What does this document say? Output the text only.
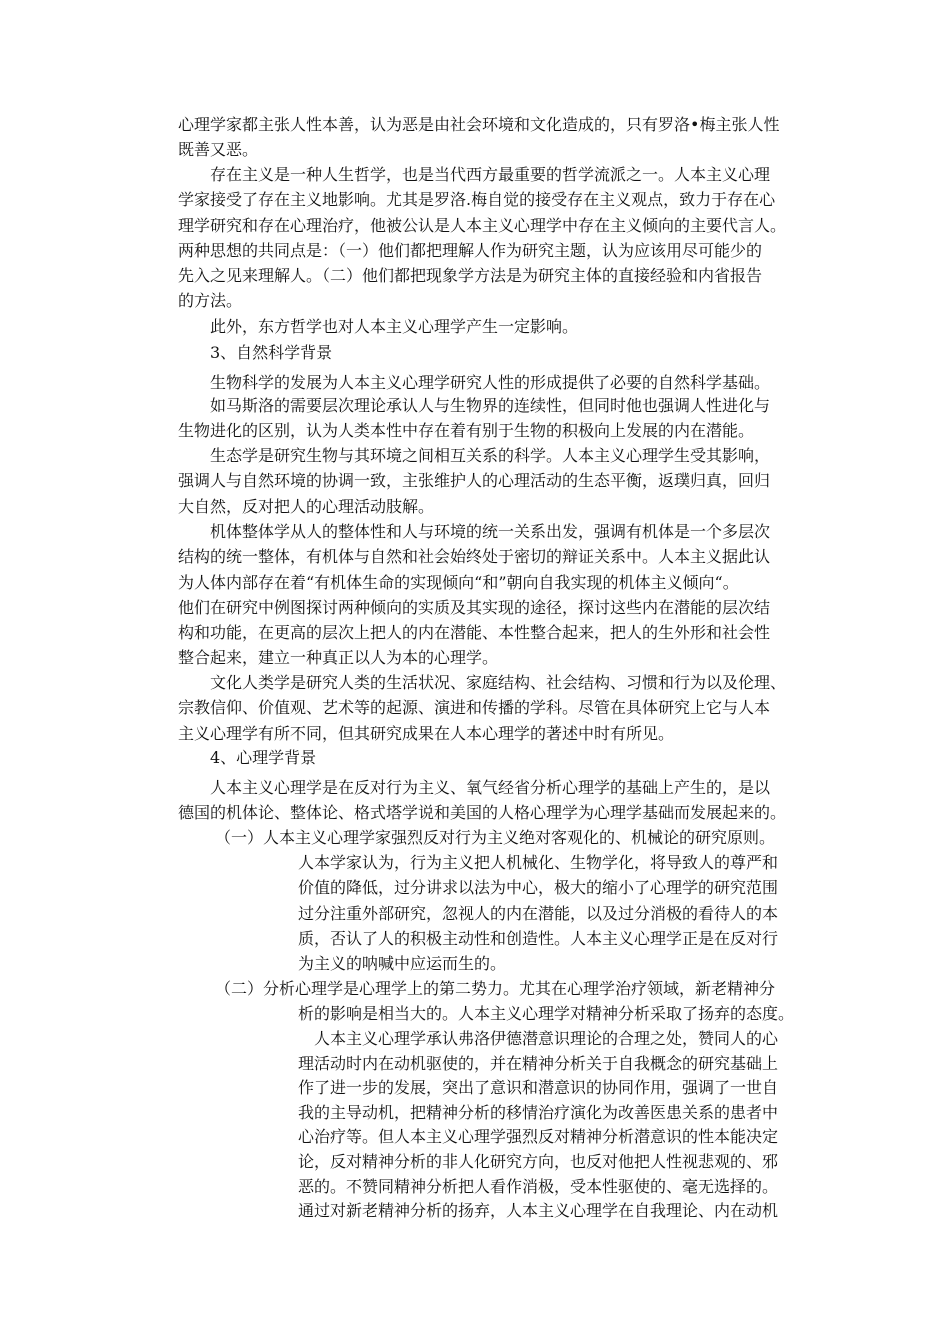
心理学家都主张人性本善，认为恶是由社会环境和文化造成的，只有罗洛•梅主张人性
既善又恶。
　　存在主义是一种人生哲学，也是当代西方最重要的哲学流派之一。人本主义心理
学家接受了存在主义地影响。尤其是罗洛.梅自觉的接受存在主义观点，致力于存在心
理学研究和存在心理治疗，他被公认是人本主义心理学中存在主义倾向的主要代言人。
两种思想的共同点是：（一）他们都把理解人作为研究主题，认为应该用尽可能少的
先入之见来理解人。（二）他们都把现象学方法是为研究主体的直接经验和内省报告
的方法。
　　此外，东方哲学也对人本主义心理学产生一定影响。
　　3、自然科学背景
　　生物科学的发展为人本主义心理学研究人性的形成提供了必要的自然科学基础。
　　如马斯洛的需要层次理论承认人与生物界的连续性，但同时他也强调人性进化与
生物进化的区别，认为人类本性中存在着有别于生物的积极向上发展的内在潜能。
　　生态学是研究生物与其环境之间相互关系的科学。人本主义心理学生受其影响，
强调人与自然环境的协调一致，主张维护人的心理活动的生态平衡，返璞归真，回归
大自然，反对把人的心理活动肢解。
　　机体整体学从人的整体性和人与环境的统一关系出发，强调有机体是一个多层次
结构的统一整体，有机体与自然和社会始终处于密切的辩证关系中。人本主义据此认
为人体内部存在着“有机体生命的实现倾向“和”朝向自我实现的机体主义倾向“。
他们在研究中例图探讨两种倾向的实质及其实现的途径，探讨这些内在潜能的层次结
构和功能，在更高的层次上把人的内在潜能、本性整合起来，把人的生外形和社会性
整合起来，建立一种真正以人为本的心理学。
　　文化人类学是研究人类的生活状况、家庭结构、社会结构、习惯和行为以及伦理、
宗教信仰、价值观、艺术等的起源、演进和传播的学科。尽管在具体研究上它与人本
主义心理学有所不同，但其研究成果在人本心理学的著述中时有所见。
　　4、心理学背景
　　人本主义心理学是在反对行为主义、氧气经省分析心理学的基础上产生的，是以
德国的机体论、整体论、格式塔学说和美国的人格心理学为心理学基础而发展起来的。
（一）人本主义心理学家强烈反对行为主义绝对客观化的、机械论的研究原则。
人本学家认为，行为主义把人机械化、生物学化，将导致人的尊严和
价值的降低，过分讲求以法为中心，极大的缩小了心理学的研究范围
过分注重外部研究，忽视人的内在潜能，以及过分消极的看待人的本
质，否认了人的积极主动性和创造性。人本主义心理学正是在反对行
为主义的呐喊中应运而生的。
（二）分析心理学是心理学上的第二势力。尤其在心理学治疗领域，新老精神分
析的影响是相当大的。人本主义心理学对精神分析采取了扬弃的态度。
　人本主义心理学承认弗洛伊德潜意识理论的合理之处，赞同人的心
理活动时内在动机驱使的，并在精神分析关于自我概念的研究基础上
作了进一步的发展，突出了意识和潜意识的协同作用，强调了一世自
我的主导动机，把精神分析的移情治疗演化为改善医患关系的患者中
心治疗等。但人本主义心理学强烈反对精神分析潜意识的性本能决定
论，反对精神分析的非人化研究方向，也反对他把人性视悲观的、邪
恶的。不赞同精神分析把人看作消极，受本性驱使的、毫无选择的。
通过对新老精神分析的扬弃，人本主义心理学在自我理论、内在动机
